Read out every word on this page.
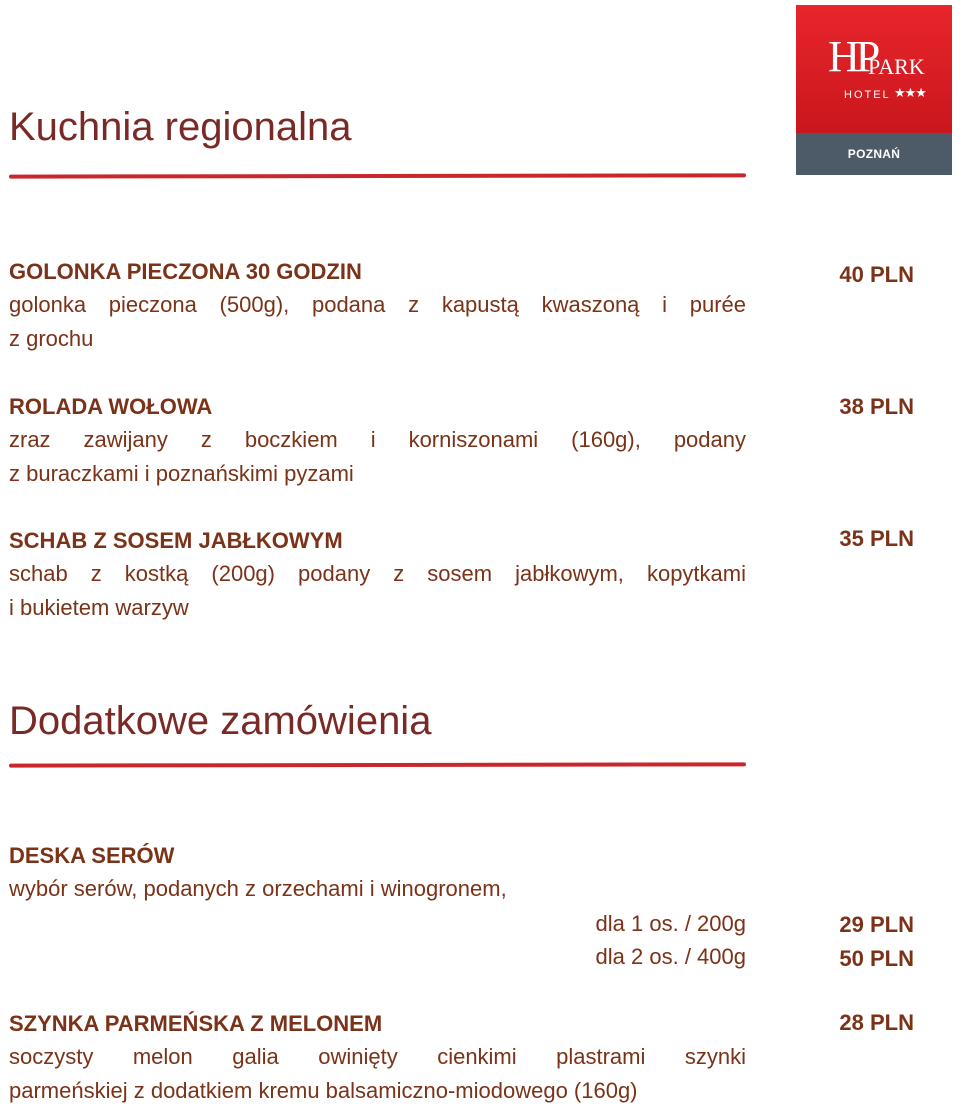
HP
PARK
HOTEL ★★★
POZNAŃ
Kuchnia regionalna
GOLONKA PIECZONA 30 GODZIN	40 PLN
golonka pieczona (500g), podana z kapustą kwaszoną i purée
z grochu
ROLADA WOŁOWA	38 PLN
zraz zawijany z boczkiem i korniszonami (160g), podany
z buraczkami i poznańskimi pyzami
SCHAB Z SOSEM JABŁKOWYM	35 PLN
schab z kostką (200g) podany z sosem jabłkowym, kopytkami
i bukietem warzyw
Dodatkowe zamówienia
DESKA SERÓW
wybór serów, podanych z orzechami i winogronem,
dla 1 os. / 200g	29 PLN
dla 2 os. / 400g	50 PLN
SZYNKA PARMEŃSKA Z MELONEM	28 PLN
soczysty melon galia owinięty cienkimi plastrami szynki
parmeńskiej z dodatkiem kremu balsamiczno-miodowego (160g)
